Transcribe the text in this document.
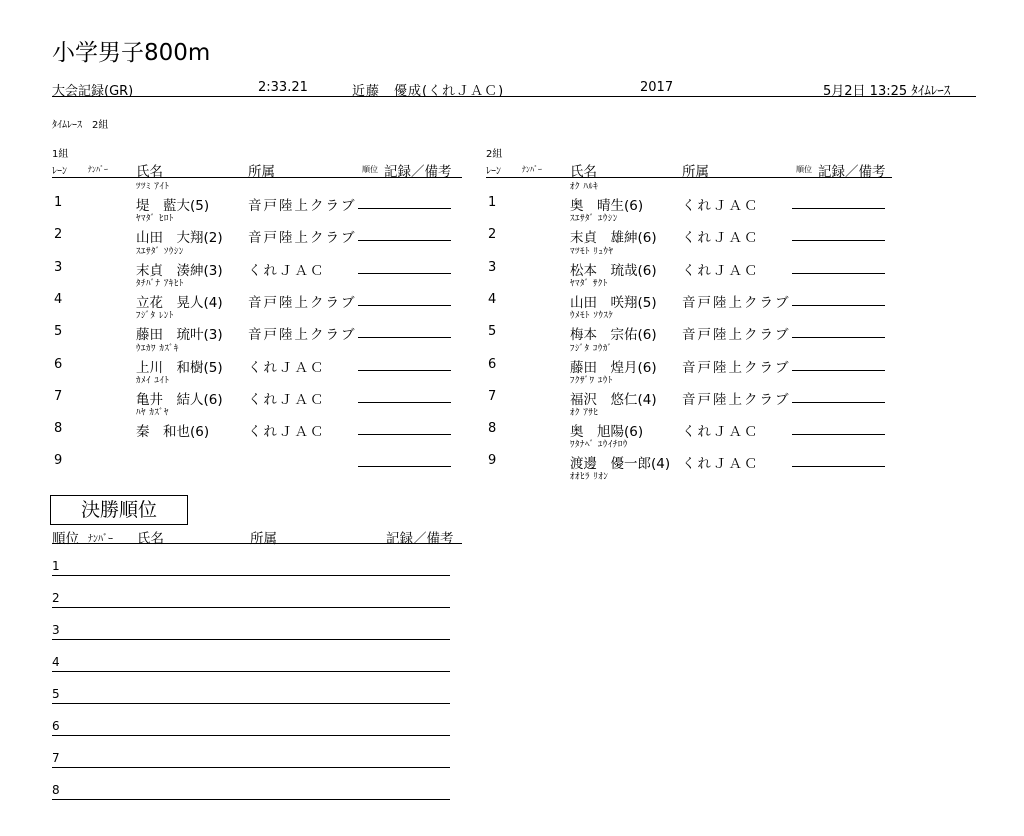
小学男子800m
大会記録(GR)	2:33.21	近藤　優成(くれＪＡＣ)	2017	5月2日 13:25 ﾀｲﾑﾚｰｽ
ﾀｲﾑﾚｰｽ　2組
1組
ﾚｰﾝ	ﾅﾝﾊﾞｰ 氏名	所属	順位 記録／備考
ﾂﾂﾐ ｱｲﾄ
1	堤　藍大(5)	音戸陸上クラブ
ﾔﾏﾀﾞ ﾋﾛﾄ
2	山田　大翔(2) 音戸陸上クラブ
ｽｴｻﾀﾞ ｿｳｼﾝ
3	末貞　湊紳(3) くれＪＡＣ
ﾀﾁﾊﾞﾅ ｱｷﾋﾄ
4	立花　晃人(4) 音戸陸上クラブ
ﾌｼﾞﾀ ﾚﾝﾄ
5	藤田　琉叶(3) 音戸陸上クラブ
ｳｴｶﾜ ｶｽﾞｷ
6	上川　和樹(5) くれＪＡＣ
ｶﾒｲ ﾕｲﾄ
7	亀井　結人(6) くれＪＡＣ
ﾊﾔ ｶｽﾞﾔ
8	秦　和也(6)	くれＪＡＣ
9
2組
ﾚｰﾝ	ﾅﾝﾊﾞｰ 氏名	所属	順位 記録／備考
ｵｸ ﾊﾙｷ
1	奥　晴生(6)	くれＪＡＣ
ｽｴｻﾀﾞ ﾕｳｼﾝ
2	末貞　雄紳(6) くれＪＡＣ
ﾏﾂﾓﾄ ﾘｭｳﾔ
3	松本　琉哉(6) くれＪＡＣ
ﾔﾏﾀﾞ ｻｸﾄ
4	山田　咲翔(5) 音戸陸上クラブ
ｳﾒﾓﾄ ｿｳｽｹ
5	梅本　宗佑(6) 音戸陸上クラブ
ﾌｼﾞﾀ ｺｳｶﾞ
6	藤田　煌月(6) 音戸陸上クラブ
ﾌｸｻﾞﾜ ﾕｳﾄ
7	福沢　悠仁(4) 音戸陸上クラブ
ｵｸ ｱｻﾋ
8	奥　旭陽(6)	くれＪＡＣ
ﾜﾀﾅﾍﾞ ﾕｳｲﾁﾛｳ
9	渡邊　優一郎(4) くれＪＡＣ
ｵｵﾋﾗ ﾘｵﾝ
決勝順位
順位 ﾅﾝﾊﾞｰ 氏名	所属	記録／備考
1
2
3
4
5
6
7
8
